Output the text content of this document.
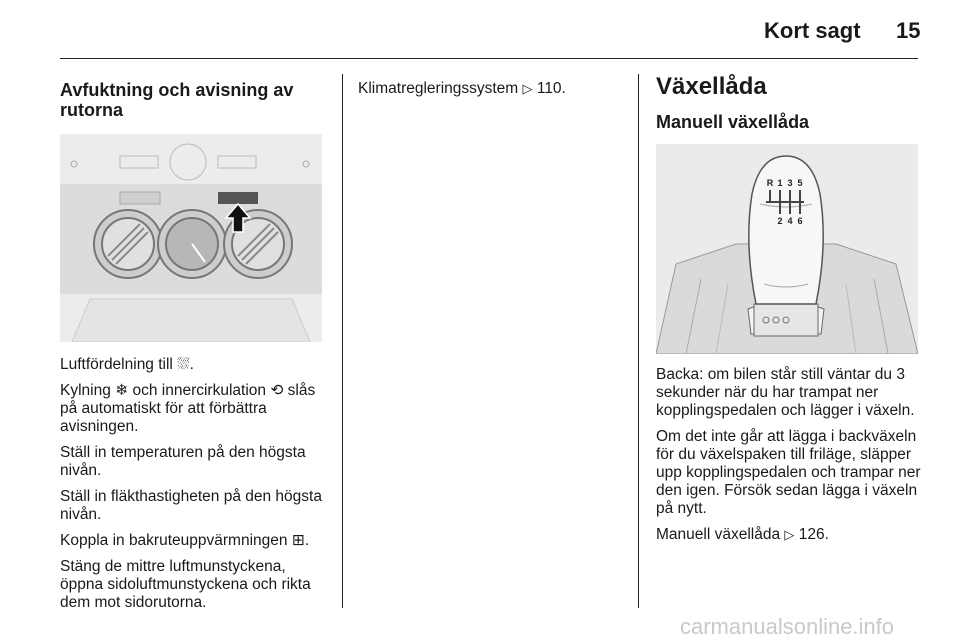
Kort sagt 15
Avfuktning och avisning av rutorna

Luftfördelning till ⛆.

Kylning ❄ och innercirkulation ⟲ slås på automatiskt för att förbättra avisningen.

Ställ in temperaturen på den högsta nivån.

Ställ in fläkthastigheten på den högsta nivån.

Koppla in bakruteuppvärmningen ⊞.

Stäng de mittre luftmunstyckena, öppna sidoluftmunstyckena och rikta dem mot sidorutorna.

Klimatregleringssystem ▷ 110.	Växellåda
Manuell växellåda
R 1 3 5
2 4 6

Backa: om bilen står still väntar du 3 sekunder när du har trampat ner kopplingspedalen och lägger i växeln.

Om det inte går att lägga i backväxeln för du växelspaken till friläge, släpper upp kopplingspedalen och trampar ner den igen. Försök sedan lägga i växeln på nytt.

Manuell växellåda ▷ 126.

carmanualsonline.info
